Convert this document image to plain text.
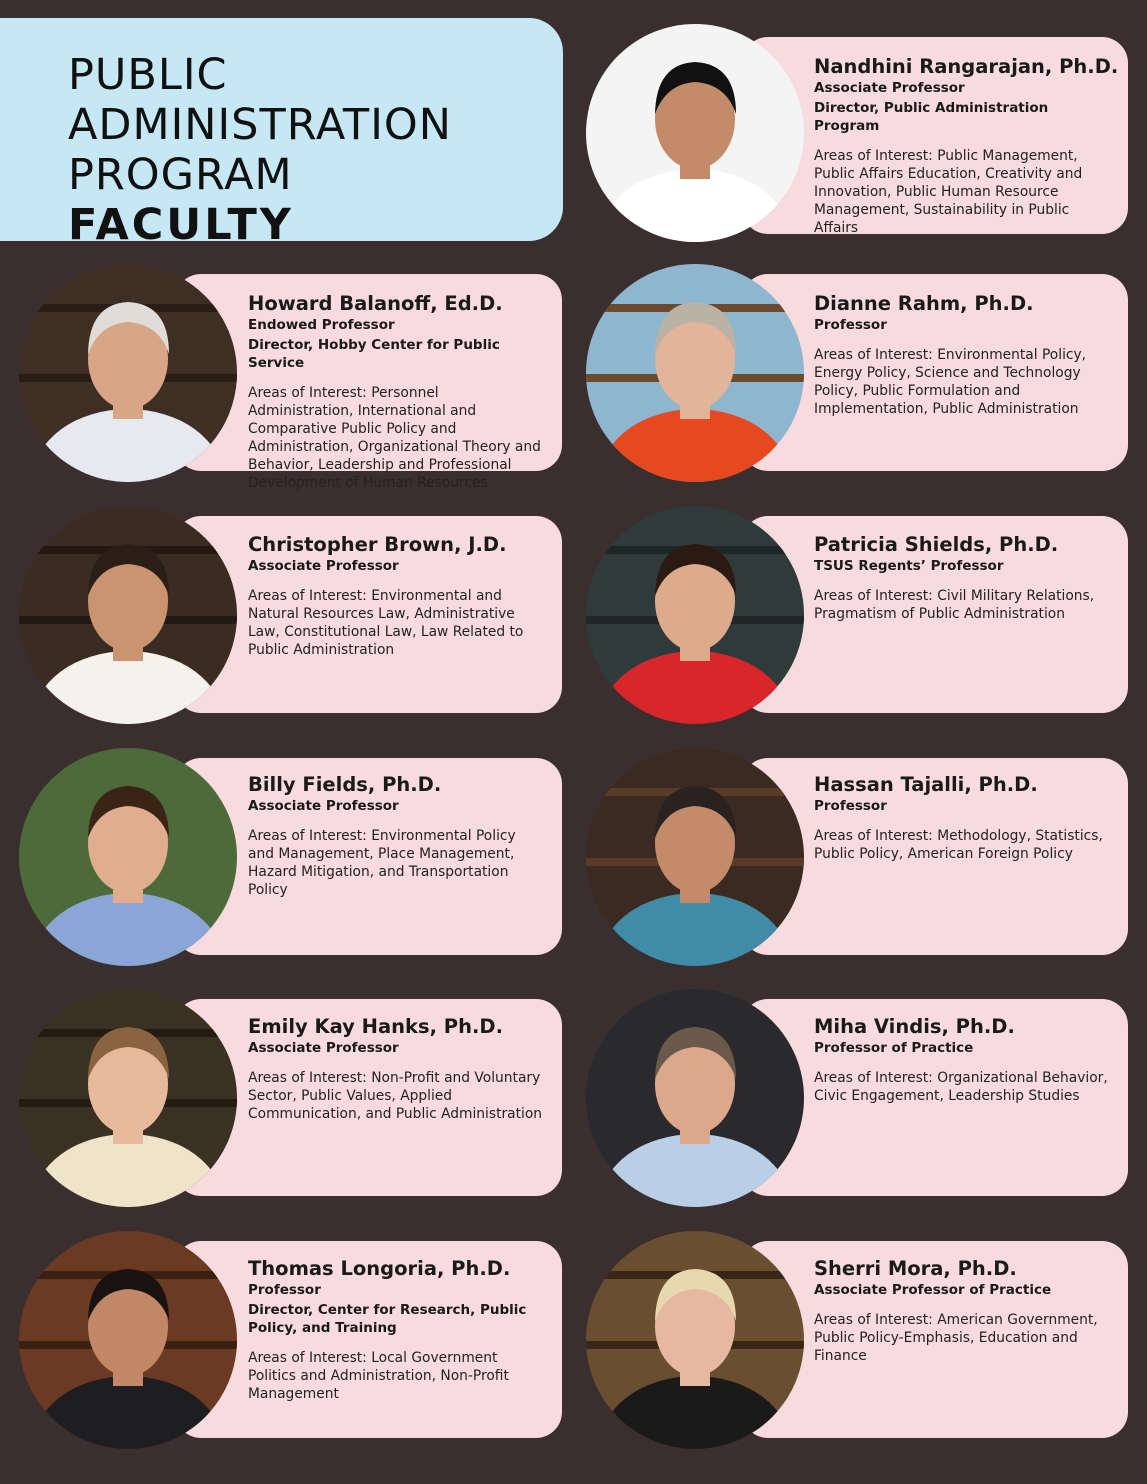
PUBLIC
ADMINISTRATION
PROGRAM
FACULTY
Nandhini Rangarajan, Ph.D.
Associate Professor
Director, Public Administration Program
Areas of Interest: Public Management, Public Affairs Education, Creativity and Innovation, Public Human Resource Management, Sustainability in Public Affairs
Howard Balanoff, Ed.D.
Endowed Professor
Director, Hobby Center for Public Service
Areas of Interest: Personnel Administration, International and Comparative Public Policy and Administration, Organizational Theory and Behavior, Leadership and Professional Development of Human Resources
Dianne Rahm, Ph.D.
Professor
Areas of Interest: Environmental Policy, Energy Policy, Science and Technology Policy, Public Formulation and Implementation, Public Administration
Christopher Brown, J.D.
Associate Professor
Areas of Interest: Environmental and Natural Resources Law, Administrative Law, Constitutional Law, Law Related to Public Administration
Patricia Shields, Ph.D.
TSUS Regents’ Professor
Areas of Interest: Civil Military Relations, Pragmatism of Public Administration
Billy Fields, Ph.D.
Associate Professor
Areas of Interest: Environmental Policy and Management, Place Management, Hazard Mitigation, and Transportation Policy
Hassan Tajalli, Ph.D.
Professor
Areas of Interest: Methodology, Statistics, Public Policy, American Foreign Policy
Emily Kay Hanks, Ph.D.
Associate Professor
Areas of Interest: Non-Profit and Voluntary Sector, Public Values, Applied Communication, and Public Administration
Miha Vindis, Ph.D.
Professor of Practice
Areas of Interest: Organizational Behavior, Civic Engagement, Leadership Studies
Thomas Longoria, Ph.D.
Professor
Director, Center for Research, Public Policy, and Training
Areas of Interest: Local Government Politics and Administration, Non-Profit Management
Sherri Mora, Ph.D.
Associate Professor of Practice
Areas of Interest: American Government, Public Policy-Emphasis, Education and Finance
